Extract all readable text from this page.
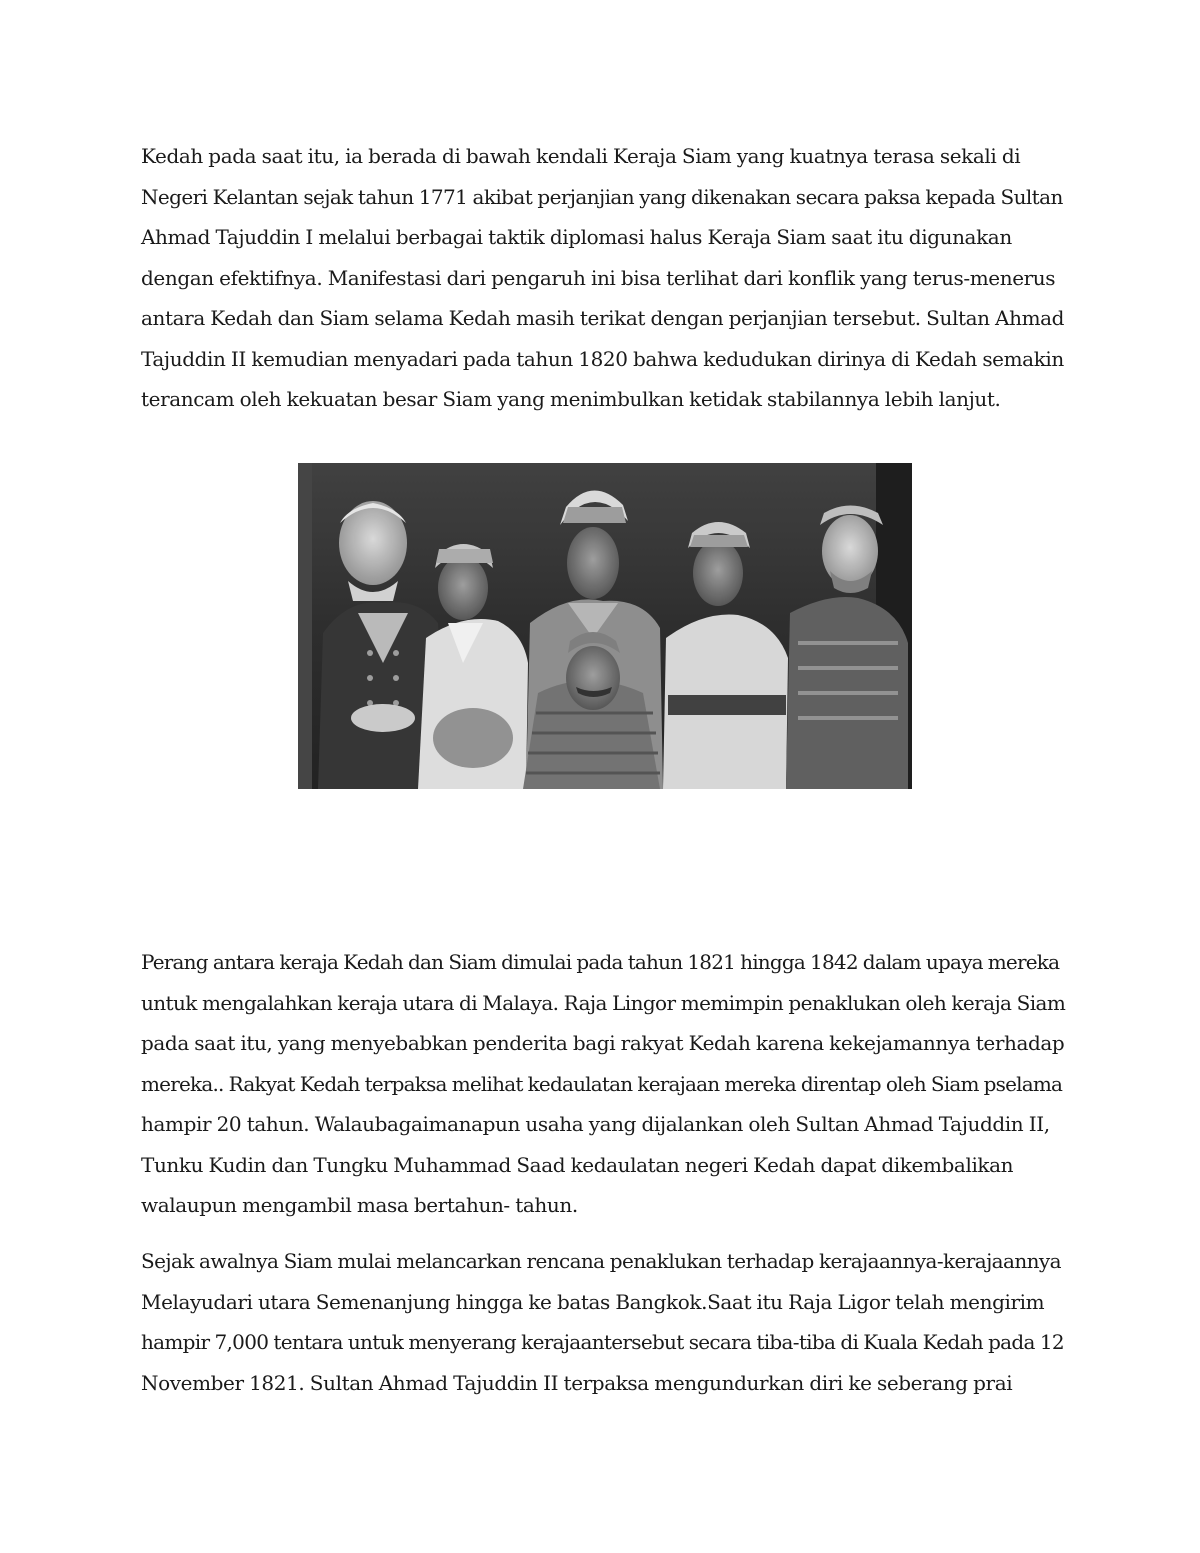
Kedah pada saat itu, ia berada di bawah kendali Keraja Siam yang kuatnya terasa sekali di
Negeri Kelantan sejak tahun 1771 akibat perjanjian yang dikenakan secara paksa kepada Sultan
Ahmad Tajuddin I melalui berbagai taktik diplomasi halus Keraja Siam saat itu digunakan
dengan efektifnya. Manifestasi dari pengaruh ini bisa terlihat dari konflik yang terus-menerus
antara Kedah dan Siam selama Kedah masih terikat dengan perjanjian tersebut. Sultan Ahmad
Tajuddin II kemudian menyadari pada tahun 1820 bahwa kedudukan dirinya di Kedah semakin
terancam oleh kekuatan besar Siam yang menimbulkan ketidak stabilannya lebih lanjut.

Perang antara keraja Kedah dan Siam dimulai pada tahun 1821 hingga 1842 dalam upaya mereka
untuk mengalahkan keraja utara di Malaya. Raja Lingor memimpin penaklukan oleh keraja Siam
pada saat itu, yang menyebabkan penderita bagi rakyat Kedah karena kekejamannya terhadap
mereka.. Rakyat Kedah terpaksa melihat kedaulatan kerajaan mereka direntap oleh Siam pselama
hampir 20 tahun. Walaubagaimanapun usaha yang dijalankan oleh Sultan Ahmad Tajuddin II,
Tunku Kudin dan Tungku Muhammad Saad kedaulatan negeri Kedah dapat dikembalikan
walaupun mengambil masa bertahun- tahun.

Sejak awalnya Siam mulai melancarkan rencana penaklukan terhadap kerajaannya-kerajaannya
Melayudari utara Semenanjung hingga ke batas Bangkok.Saat itu Raja Ligor telah mengirim
hampir 7,000 tentara untuk menyerang kerajaantersebut secara tiba-tiba di Kuala Kedah pada 12
November 1821. Sultan Ahmad Tajuddin II terpaksa mengundurkan diri ke seberang prai
